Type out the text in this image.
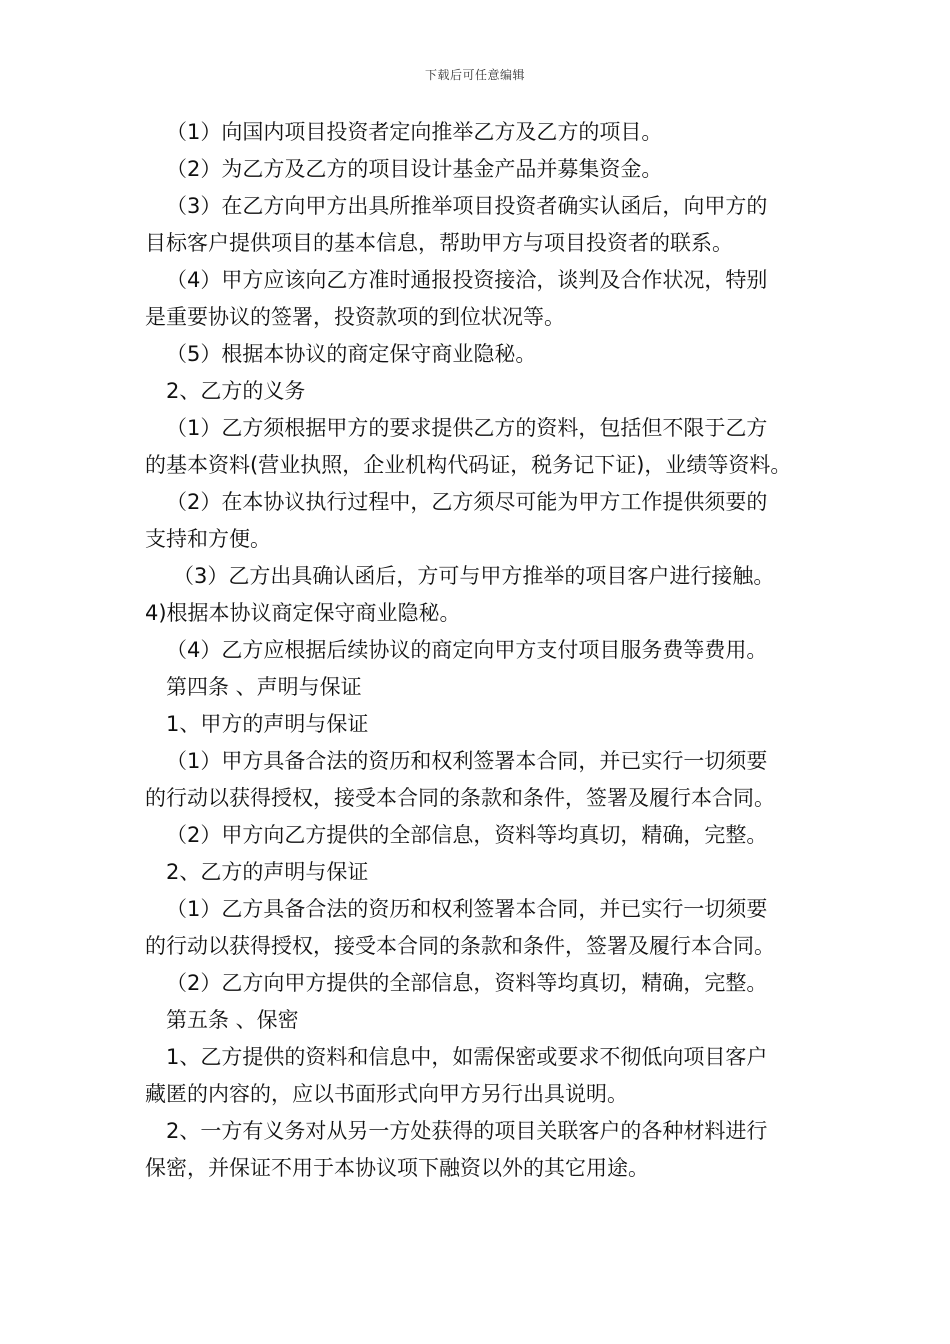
下载后可任意编辑

（1）向国内项目投资者定向推举乙方及乙方的项目。

（2）为乙方及乙方的项目设计基金产品并募集资金。

（3）在乙方向甲方出具所推举项目投资者确实认函后，向甲方的

目标客户提供项目的基本信息，帮助甲方与项目投资者的联系。

（4）甲方应该向乙方准时通报投资接洽，谈判及合作状况，特别

是重要协议的签署，投资款项的到位状况等。

（5）根据本协议的商定保守商业隐秘。

2、乙方的义务

（1）乙方须根据甲方的要求提供乙方的资料，包括但不限于乙方

的基本资料(营业执照，企业机构代码证，税务记下证)，业绩等资料。

（2）在本协议执行过程中，乙方须尽可能为甲方工作提供须要的

支持和方便。

（3）乙方出具确认函后，方可与甲方推举的项目客户进行接触。

4)根据本协议商定保守商业隐秘。

（4）乙方应根据后续协议的商定向甲方支付项目服务费等费用。

第四条 、声明与保证

1、甲方的声明与保证

（1）甲方具备合法的资历和权利签署本合同，并已实行一切须要

的行动以获得授权，接受本合同的条款和条件，签署及履行本合同。

（2）甲方向乙方提供的全部信息，资料等均真切，精确，完整。

2、乙方的声明与保证

（1）乙方具备合法的资历和权利签署本合同，并已实行一切须要

的行动以获得授权，接受本合同的条款和条件，签署及履行本合同。

（2）乙方向甲方提供的全部信息，资料等均真切，精确，完整。

第五条 、保密

1、乙方提供的资料和信息中，如需保密或要求不彻低向项目客户

藏匿的内容的，应以书面形式向甲方另行出具说明。

2、一方有义务对从另一方处获得的项目关联客户的各种材料进行

保密，并保证不用于本协议项下融资以外的其它用途。
